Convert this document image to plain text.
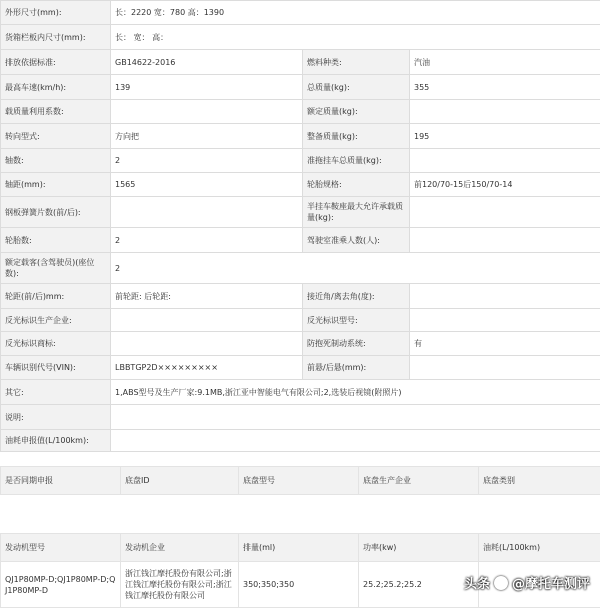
外形尺寸(mm):	长：2220 宽：780 高：1390		
货箱栏板内尺寸(mm):	长： 宽： 高：		
排放依据标准:	GB14622-2016	燃料种类:	汽油
最高车速(km/h):	139	总质量(kg):	355
载质量利用系数:		额定质量(kg):	
转向型式:	方向把	整备质量(kg):	195
轴数:	2	准拖挂车总质量(kg):	
轴距(mm):	1565	轮胎规格:	前120/70-15后150/70-14
钢板弹簧片数(前/后):		半挂车鞍座最大允许承载质量(kg):	
轮胎数:	2	驾驶室准乘人数(人):	
额定载客(含驾驶员)(座位数):	2		
轮距(前/后)mm:	前轮距: 后轮距:	接近角/离去角(度):	
反光标识生产企业:		反光标识型号:	
反光标识商标:		防抱死制动系统:	有
车辆识别代号(VIN):	LBBTGP2D×××××××××	前悬/后悬(mm):	
其它:	1,ABS型号及生产厂家:9.1MB,浙江亚中智能电气有限公司;2,选装后视镜(附照片)		
说明:			
油耗申报值(L/100km):			
是否同期申报	底盘ID	底盘型号	底盘生产企业	底盘类别
发动机型号	发动机企业	排量(ml)	功率(kw)	油耗(L/100km)
QJ1P80MP-D;QJ1P80MP-D;QJ1P80MP-D	浙江钱江摩托股份有限公司;浙江钱江摩托股份有限公司;浙江钱江摩托股份有限公司	350;350;350	25.2;25.2;25.2		头条 @摩托车测评
